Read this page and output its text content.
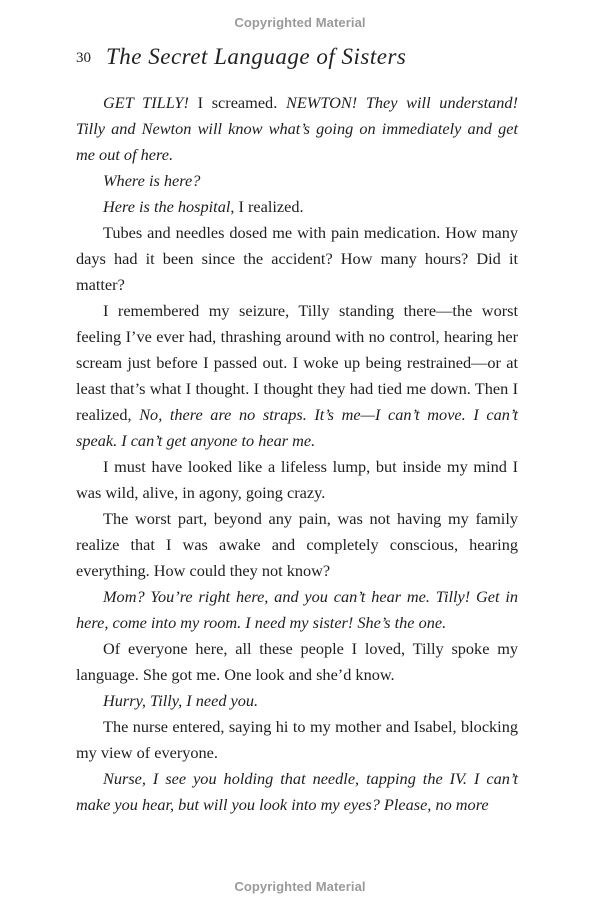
Copyrighted Material
30 The Secret Language of Sisters

GET TILLY! I screamed. NEWTON! They will understand! Tilly and Newton will know what’s going on immediately and get me out of here.

Where is here?

Here is the hospital, I realized.

Tubes and needles dosed me with pain medication. How many days had it been since the accident? How many hours? Did it matter?

I remembered my seizure, Tilly standing there—the worst feeling I’ve ever had, thrashing around with no control, hearing her scream just before I passed out. I woke up being restrained—or at least that’s what I thought. I thought they had tied me down. Then I realized, No, there are no straps. It’s me—I can’t move. I can’t speak. I can’t get anyone to hear me.

I must have looked like a lifeless lump, but inside my mind I was wild, alive, in agony, going crazy.

The worst part, beyond any pain, was not having my family realize that I was awake and completely conscious, hearing everything. How could they not know?

Mom? You’re right here, and you can’t hear me. Tilly! Get in here, come into my room. I need my sister! She’s the one.

Of everyone here, all these people I loved, Tilly spoke my language. She got me. One look and she’d know.

Hurry, Tilly, I need you.

The nurse entered, saying hi to my mother and Isabel, blocking my view of everyone.

Nurse, I see you holding that needle, tapping the IV. I can’t make you hear, but will you look into my eyes? Please, no more

Copyrighted Material
